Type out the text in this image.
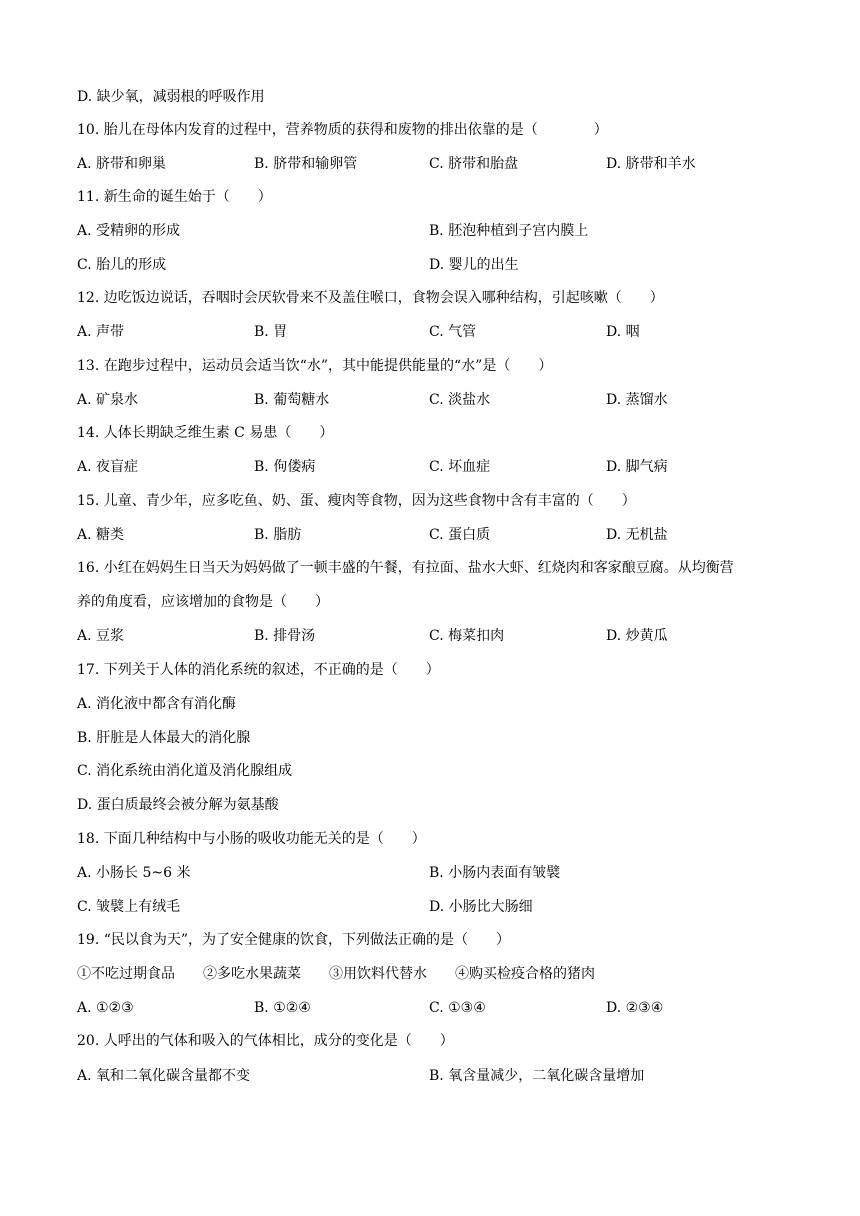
D. 缺少氧，减弱根的呼吸作用
10. 胎儿在母体内发育的过程中，营养物质的获得和废物的排出依靠的是（　　　　）
A. 脐带和卵巢	B. 脐带和输卵管	C. 脐带和胎盘	D. 脐带和羊水
11. 新生命的诞生始于（　　）
A. 受精卵的形成	B. 胚泡种植到子宫内膜上
C. 胎儿的形成	D. 婴儿的出生
12. 边吃饭边说话，吞咽时会厌软骨来不及盖住喉口，食物会误入哪种结构，引起咳嗽（　　）
A. 声带	B. 胃	C. 气管	D. 咽
13. 在跑步过程中，运动员会适当饮“水”，其中能提供能量的“水”是（　　）
A. 矿泉水	B. 葡萄糖水	C. 淡盐水	D. 蒸馏水
14. 人体长期缺乏维生素 C 易患（　　）
A. 夜盲症	B. 佝偻病	C. 坏血症	D. 脚气病
15. 儿童、青少年，应多吃鱼、奶、蛋、瘦肉等食物，因为这些食物中含有丰富的（　　）
A. 糖类	B. 脂肪	C. 蛋白质	D. 无机盐
16. 小红在妈妈生日当天为妈妈做了一顿丰盛的午餐，有拉面、盐水大虾、红烧肉和客家酿豆腐。从均衡营
养的角度看，应该增加的食物是（　　）
A. 豆浆	B. 排骨汤	C. 梅菜扣肉	D. 炒黄瓜
17. 下列关于人体的消化系统的叙述，不正确的是（　　）
A. 消化液中都含有消化酶
B. 肝脏是人体最大的消化腺
C. 消化系统由消化道及消化腺组成
D. 蛋白质最终会被分解为氨基酸
18. 下面几种结构中与小肠的吸收功能无关的是（　　）
A. 小肠长 5~6 米	B. 小肠内表面有皱襞
C. 皱襞上有绒毛	D. 小肠比大肠细
19. “民以食为天”，为了安全健康的饮食，下列做法正确的是（　　）
①不吃过期食品　　②多吃水果蔬菜　　③用饮料代替水　　④购买检疫合格的猪肉
A. ①②③	B. ①②④	C. ①③④	D. ②③④
20. 人呼出的气体和吸入的气体相比，成分的变化是（　　）
A. 氧和二氧化碳含量都不变	B. 氧含量减少，二氧化碳含量增加
